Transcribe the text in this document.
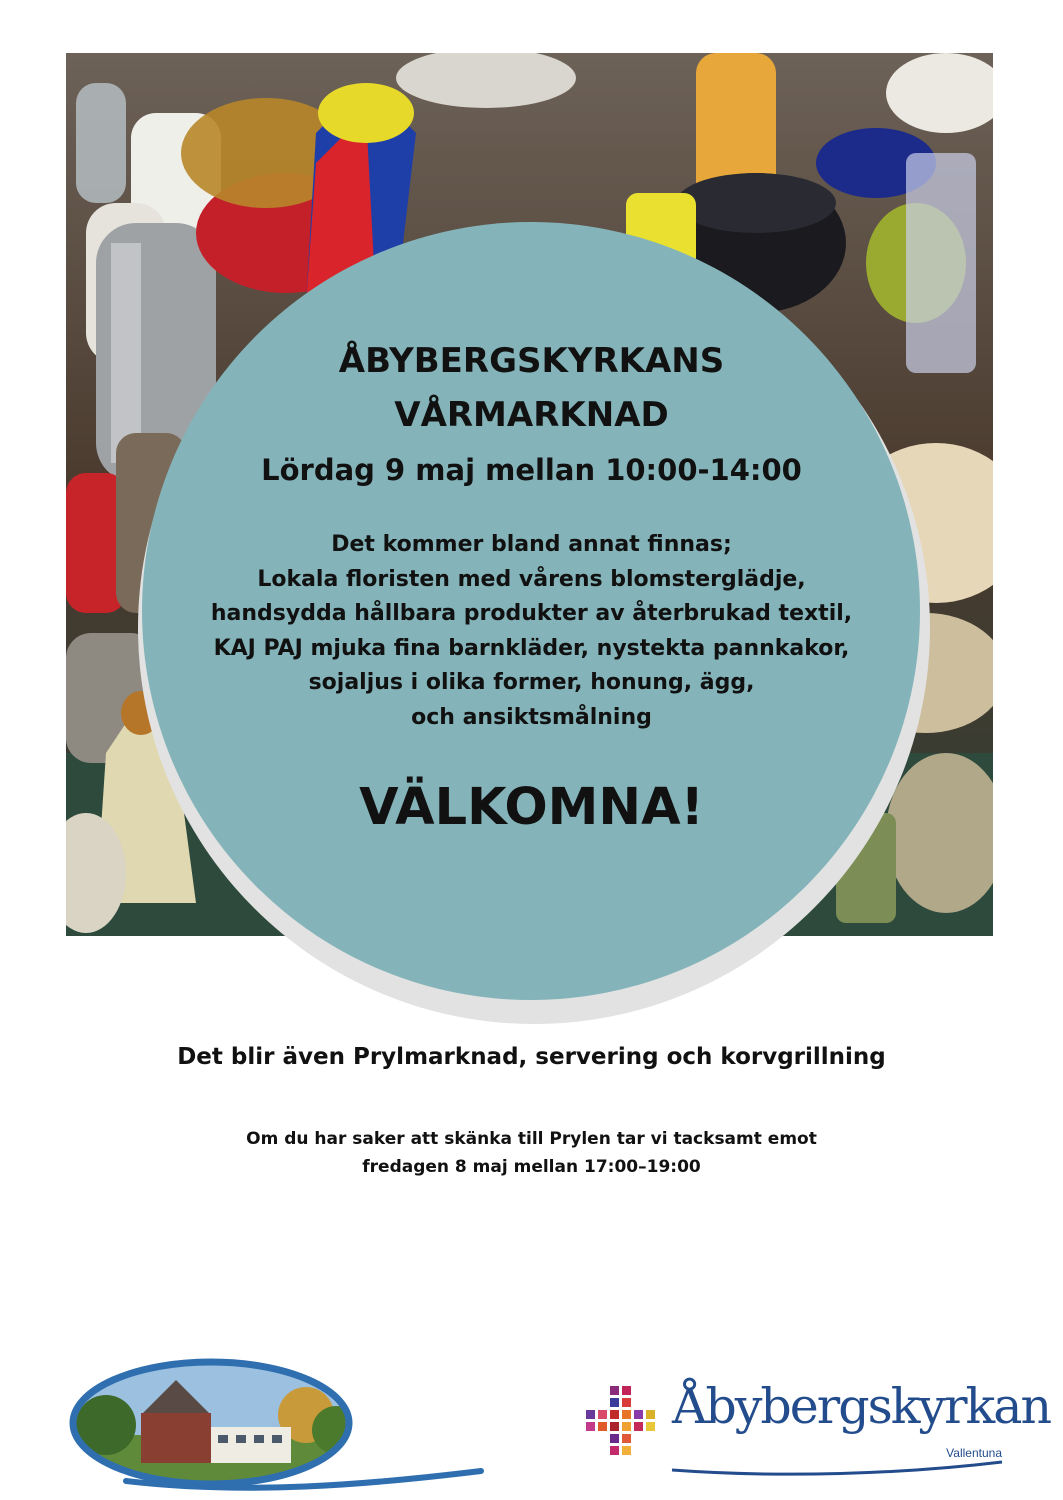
ÅBYBERGSKYRKANS
VÅRMARKNAD
Lördag 9 maj mellan 10:00-14:00
Det kommer bland annat finnas;
Lokala floristen med vårens blomsterglädje,
handsydda hållbara produkter av återbrukad textil,
KAJ PAJ mjuka fina barnkläder, nystekta pannkakor,
sojaljus i olika former, honung, ägg,
och ansiktsmålning
VÄLKOMNA!
Det blir även Prylmarknad, servering och korvgrillning
Om du har saker att skänka till Prylen tar vi tacksamt emot
fredagen 8 maj mellan 17:00–19:00
Åbybergskyrkan
Vallentuna
